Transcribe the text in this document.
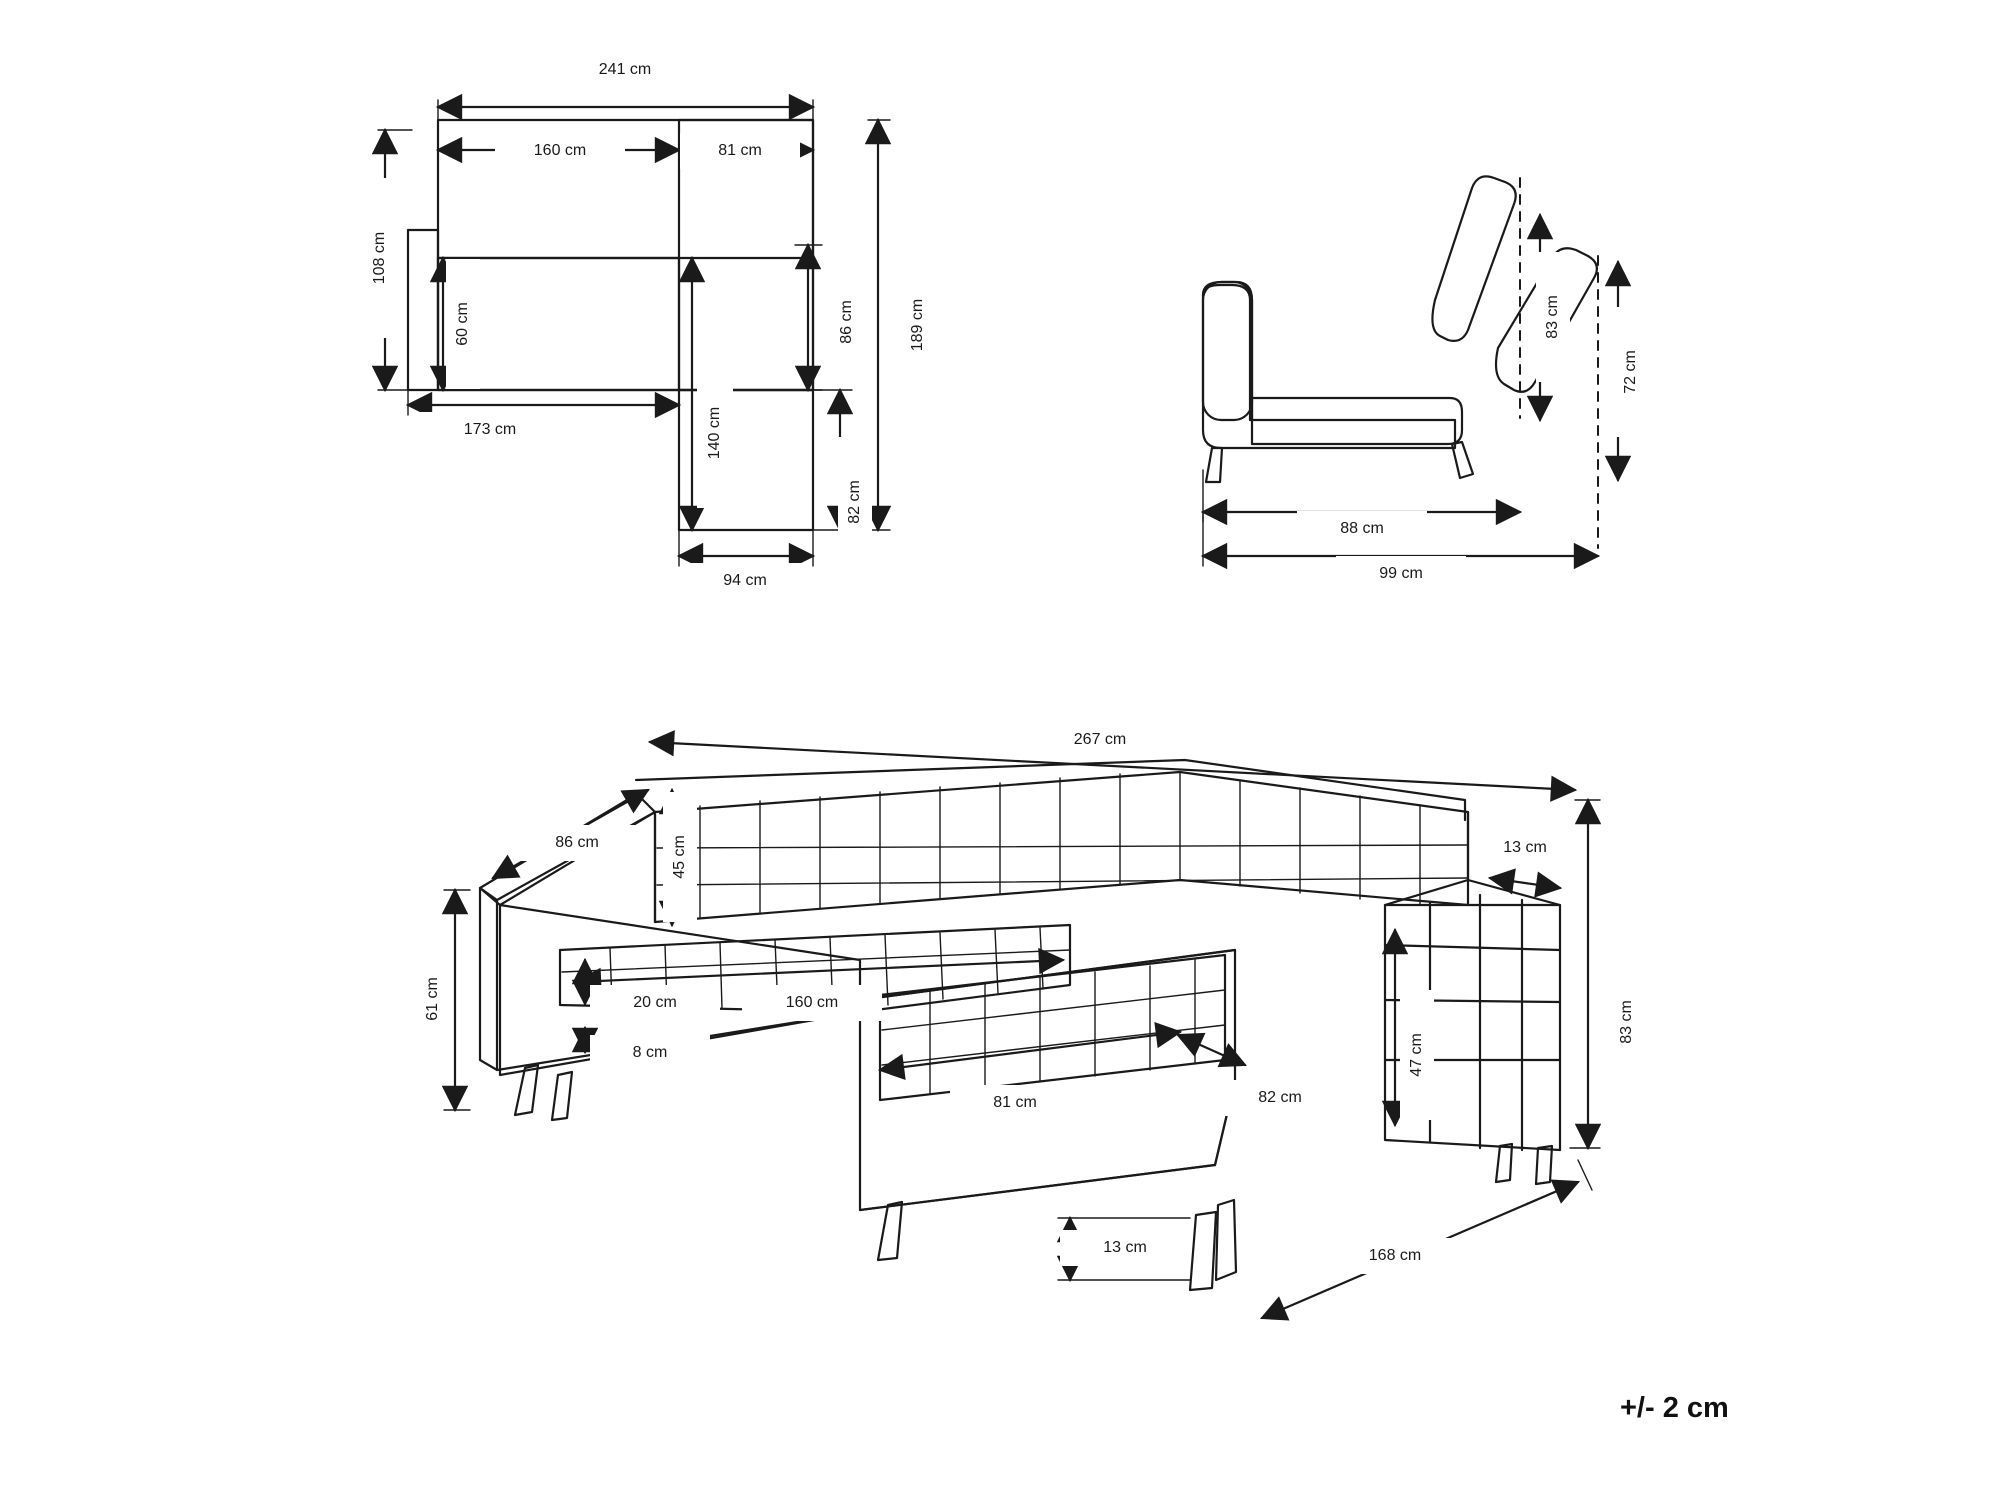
241 cm
160 cm	81 cm
108 cm
60 cm
173 cm	140 cm
86 cm
82 cm
189 cm
94 cm
83 cm
72 cm
88 cm
99 cm
267 cm
86 cm	45 cm	13 cm
83 cm
61 cm	20 cm	160 cm
8 cm	47 cm
81 cm	82 cm
13 cm	168 cm
+/- 2 cm
